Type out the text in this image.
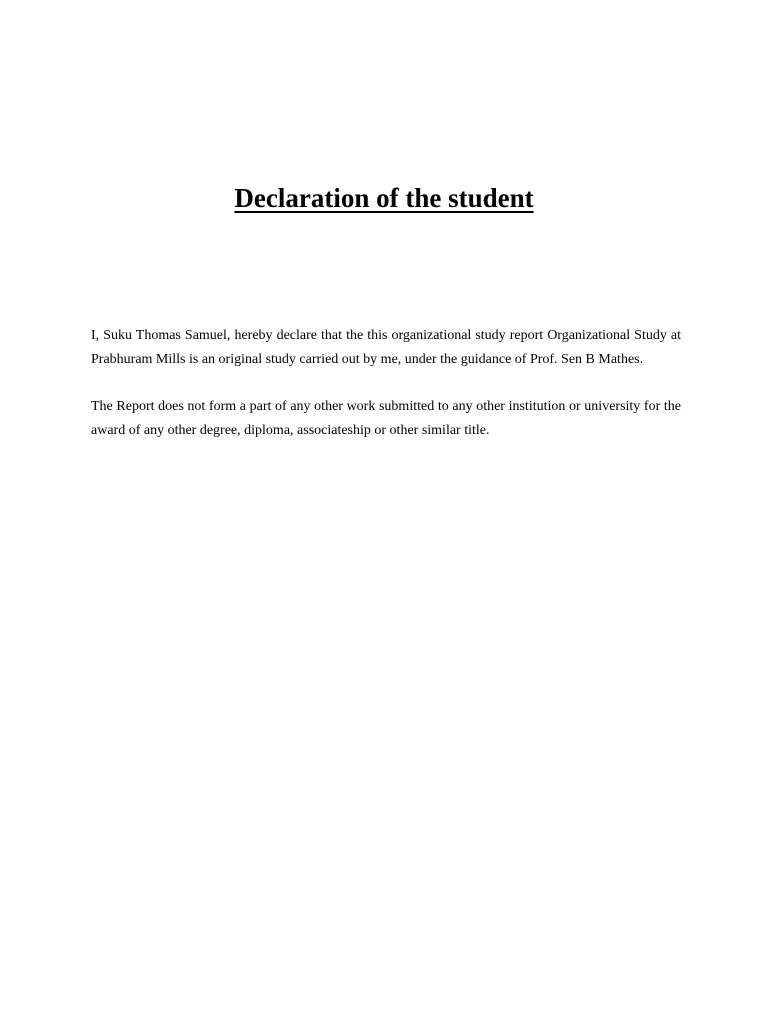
Declaration of the student

I, Suku Thomas Samuel, hereby declare that the this organizational study report Organizational Study at Prabhuram Mills is an original study carried out by me, under the guidance of Prof. Sen B Mathes.

The Report does not form a part of any other work submitted to any other institution or university for the award of any other degree, diploma, associateship or other similar title.
